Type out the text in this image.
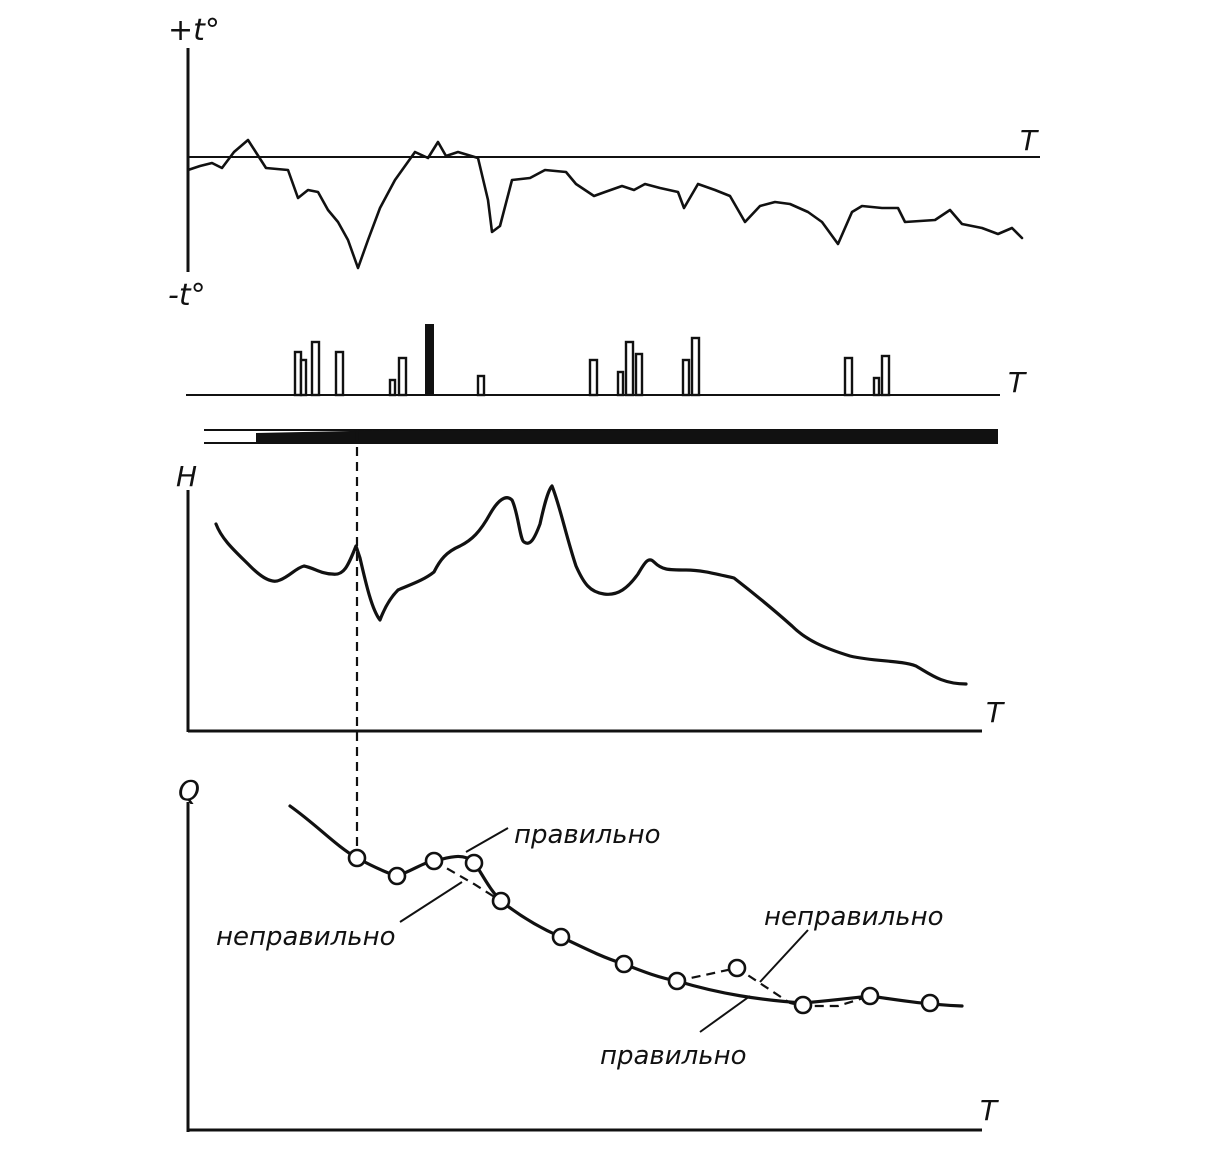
+t°
-t°
T
T
H
T
Q
T
правильно
неправильно
неправильно
правильно
